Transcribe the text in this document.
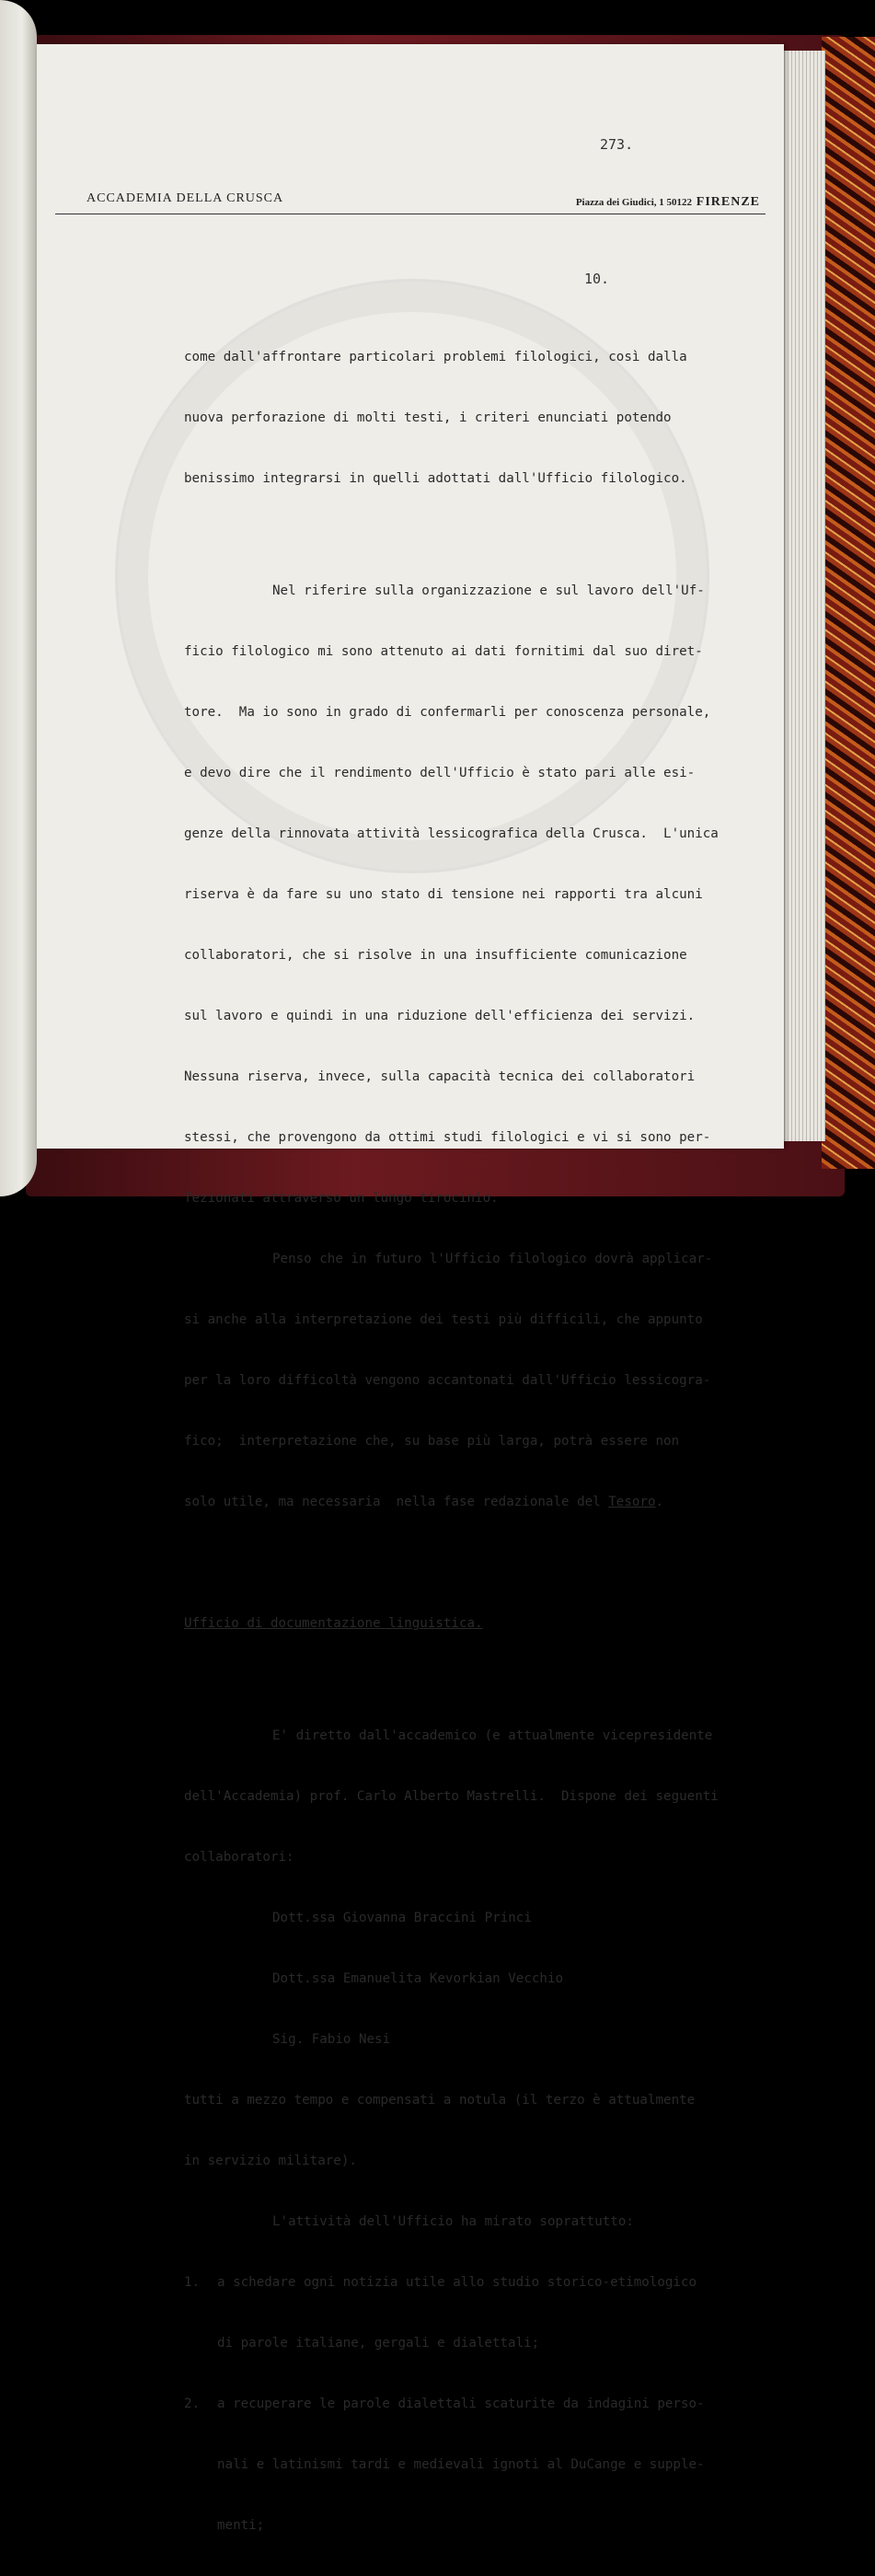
273.
ACCADEMIA DELLA CRUSCA	Piazza dei Giudici, 1 50122 FIRENZE
10.

come dall'affrontare particolari problemi filologici, così dalla

nuova perforazione di molti testi, i criteri enunciati potendo

benissimo integrarsi in quelli adottati dall'Ufficio filologico.

Nel riferire sulla organizzazione e sul lavoro dell'Uf-

ficio filologico mi sono attenuto ai dati fornitimi dal suo diret-

tore.  Ma io sono in grado di confermarli per conoscenza personale,

e devo dire che il rendimento dell'Ufficio è stato pari alle esi-

genze della rinnovata attività lessicografica della Crusca.  L'unica

riserva è da fare su uno stato di tensione nei rapporti tra alcuni

collaboratori, che si risolve in una insufficiente comunicazione

sul lavoro e quindi in una riduzione dell'efficienza dei servizi.

Nessuna riserva, invece, sulla capacità tecnica dei collaboratori

stessi, che provengono da ottimi studi filologici e vi si sono per-

fezionati attraverso un lungo tirocinio.

Penso che in futuro l'Ufficio filologico dovrà applicar-

si anche alla interpretazione dei testi più difficili, che appunto

per la loro difficoltà vengono accantonati dall'Ufficio lessicogra-

fico;  interpretazione che, su base più larga, potrà essere non

solo utile, ma necessaria  nella fase redazionale del Tesoro.

Ufficio di documentazione linguistica.

E' diretto dall'accademico (e attualmente vicepresidente

dell'Accademia) prof. Carlo Alberto Mastrelli.  Dispone dei seguenti

collaboratori:

Dott.ssa Giovanna Braccini Princi

Dott.ssa Emanuelita Kevorkian Vecchio

Sig. Fabio Nesi

tutti a mezzo tempo e compensati a notula (il terzo è attualmente

in servizio militare).

L'attività dell'Ufficio ha mirato soprattutto:

1. a schedare ogni notizia utile allo studio storico-etimologico

di parole italiane, gergali e dialettali;

2. a recuperare le parole dialettali scaturite da indagini perso-

nali e latinismi tardi e medievali ignoti al DuCange e supple-

menti;
